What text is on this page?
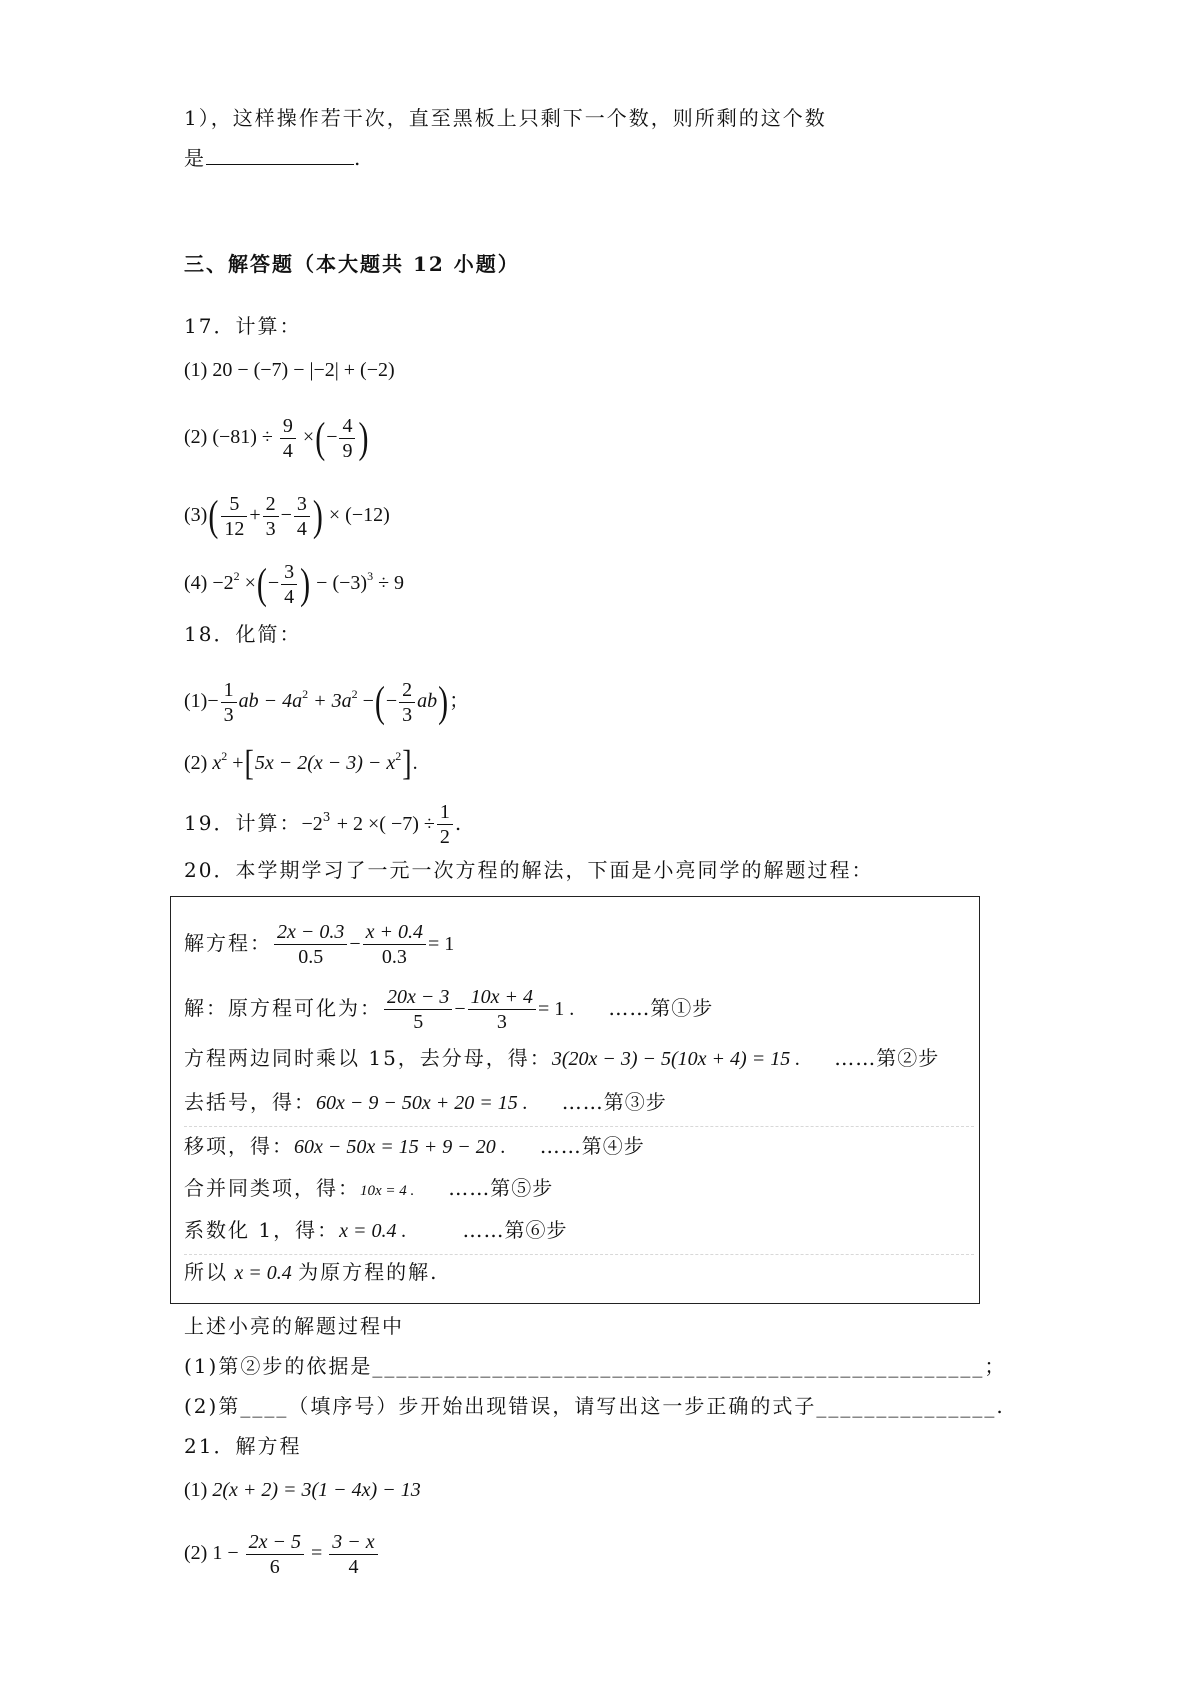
1），这样操作若干次，直至黑板上只剩下一个数，则所剩的这个数
是	.
三、解答题（本大题共 12 小题）
17．计算：
(1) 20 − (−7) − |−2| + (−2)
(2) $(-81) \div \frac{9}{4}$ ×(− $\frac{4}{9}$ )
$(3)( \frac{5}{12} + \frac{2}{3} - \frac{3}{4}$ ) × (−12)
$(4) -2^2$ ×(− $\frac{3}{4}$ ) − $(-3)^3 \div 9$
18．化简：
$(1)- \frac{1}{3}$ ab − $4a^2 + 3a^2$ −(− $\frac{2}{3} ab$)；
(2) $x^2 +[5x - 2(x - 3) - x^2]$.
19．计算：$-2^3 + 2$ ×( $-7) \div \frac{1}{2}$ .
20．本学期学习了一元一次方程的解法，下面是小亮同学的解题过程：
解方程： $\frac{2x - 0.3}{0.5} - \frac{x + 0.4}{0.3} = 1$
解：原方程可化为： $\frac{20x - 3}{5} - \frac{10x + 4}{3} = 1$ . ……第①步
方程两边同时乘以 15，去分母，得：3(20x − 3) − 5(10x + 4) = 15 . ……第②步
去括号，得：60x − 9 − 50x + 20 = 15 . ……第③步
移项，得：60x − 50x = 15 + 9 − 20 . ……第④步
合并同类项，得：10x = 4 . ……第⑤步
系数化 1，得：x = 0.4 .	……第⑥步
所以 x = 0.4 为原方程的解.
上述小亮的解题过程中
(1)第②步的依据是___________________________________________________；
(2)第____（填序号）步开始出现错误，请写出这一步正确的式子_______________.
21．解方程
(1) 2(x + 2) = 3(1 − 4x) − 13
(2) $1 - \frac{2x - 5}{6} = \frac{3 - x}{4}$
